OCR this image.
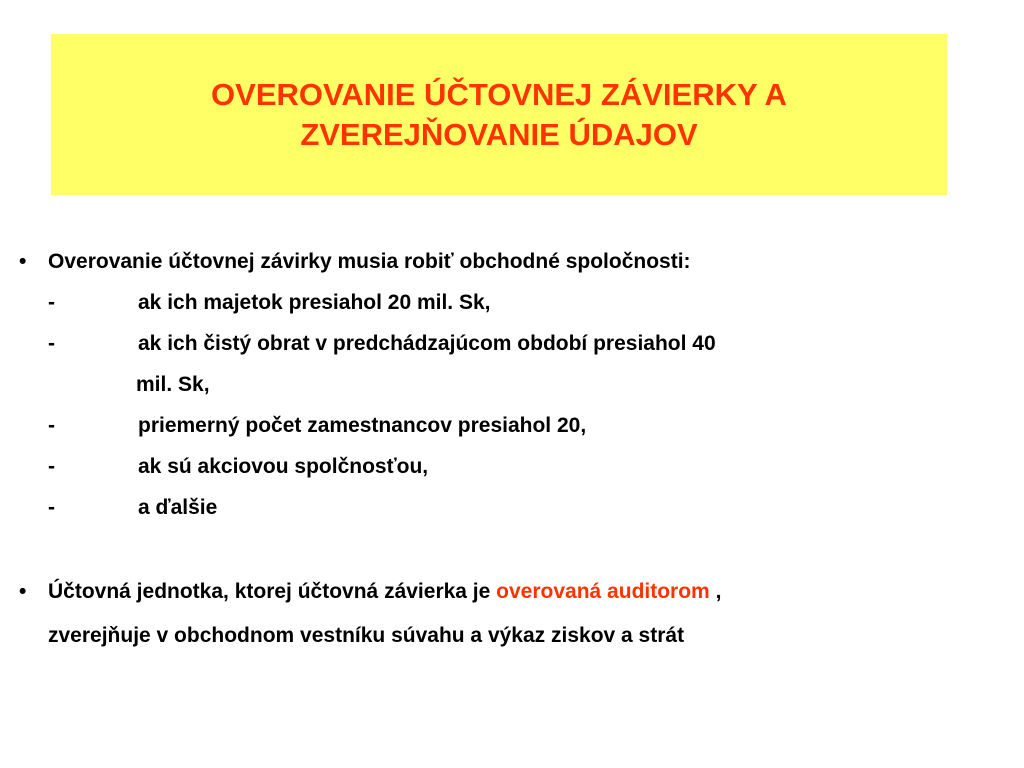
OVEROVANIE ÚČTOVNEJ ZÁVIERKY A
ZVEREJŇOVANIE ÚDAJOV
• Overovanie účtovnej závirky musia robiť obchodné spoločnosti:
-	ak ich majetok presiahol 20 mil. Sk,
-	ak ich čistý obrat v predchádzajúcom období presiahol 40
mil. Sk,
-	priemerný počet zamestnancov presiahol 20,
-	ak sú akciovou spolčnosťou,
-	a ďalšie
• Účtovná jednotka, ktorej účtovná závierka je overovaná auditorom ,
zverejňuje v obchodnom vestníku súvahu a výkaz ziskov a strát
